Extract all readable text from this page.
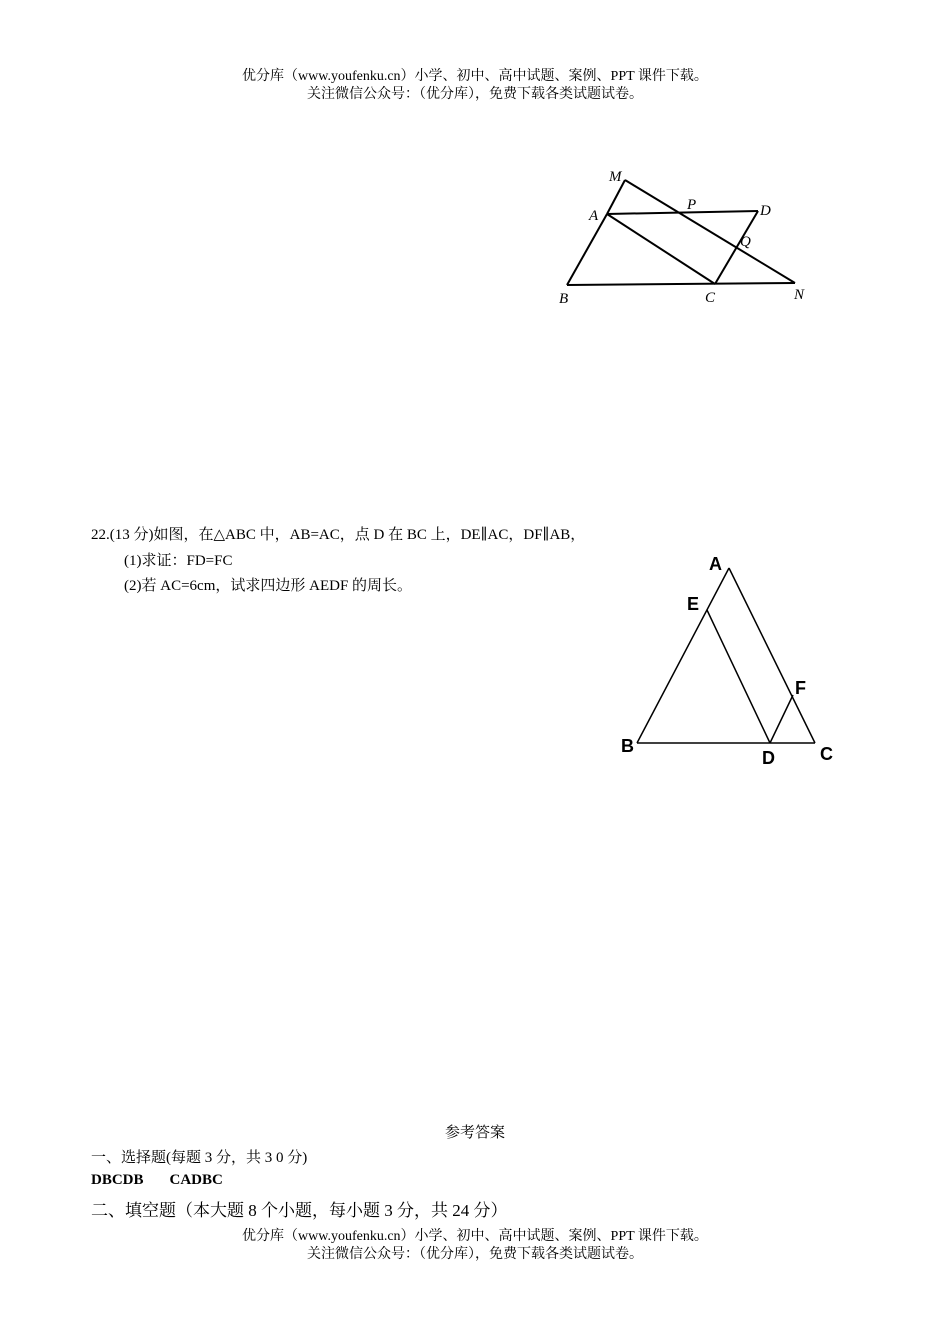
优分库（www.youfenku.cn）小学、初中、高中试题、案例、PPT 课件下载。
关注微信公众号：（优分库），免费下载各类试题试卷。
M
P	D
A
Q
B	C	N
22.(13 分)如图，在△ABC 中，AB=AC，点 D 在 BC 上，DE∥AC，DF∥AB，
(1)求证：FD=FC
(2)若 AC=6cm，试求四边形 AEDF 的周长。
A
E
F
B
D	C
参考答案
一、选择题(每题 3 分，共 3 0 分)
DBCDB CADBC
二、填空题（本大题 8 个小题，每小题 3 分，共 24 分）
优分库（www.youfenku.cn）小学、初中、高中试题、案例、PPT 课件下载。
关注微信公众号：（优分库），免费下载各类试题试卷。
